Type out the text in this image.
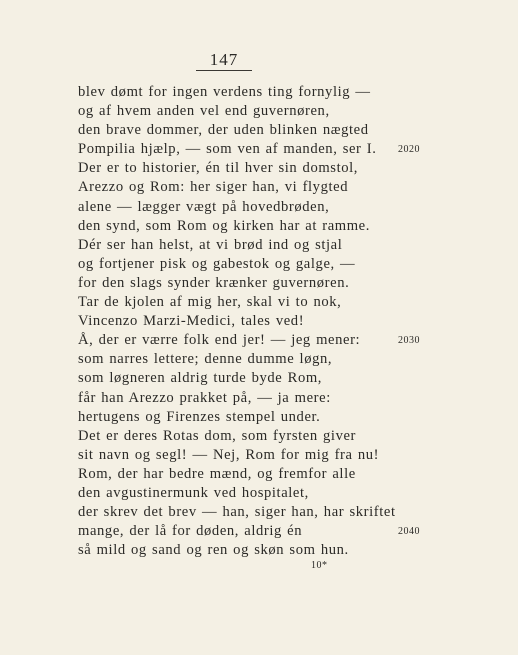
147
blev dømt for ingen verdens ting fornylig —
og af hvem anden vel end guvernøren,
den brave dommer, der uden blinken nægted
Pompilia hjælp, — som ven af manden, ser I.
Der er to historier, én til hver sin domstol,
Arezzo og Rom: her siger han, vi flygted
alene — lægger vægt på hovedbrøden,
den synd, som Rom og kirken har at ramme.
Dér ser han helst, at vi brød ind og stjal
og fortjener pisk og gabestok og galge, —
for den slags synder krænker guvernøren.
Tar de kjolen af mig her, skal vi to nok,
Vincenzo Marzi-Medici, tales ved!
Å, der er værre folk end jer! — jeg mener:
som narres lettere; denne dumme løgn,
som løgneren aldrig turde byde Rom,
får han Arezzo prakket på, — ja mere:
hertugens og Firenzes stempel under.
Det er deres Rotas dom, som fyrsten giver
sit navn og segl! — Nej, Rom for mig fra nu!
Rom, der har bedre mænd, og fremfor alle
den avgustinermunk ved hospitalet,
der skrev det brev — han, siger han, har skriftet
mange, der lå for døden, aldrig én
så mild og sand og ren og skøn som hun.
2020
2030
2040
10*
